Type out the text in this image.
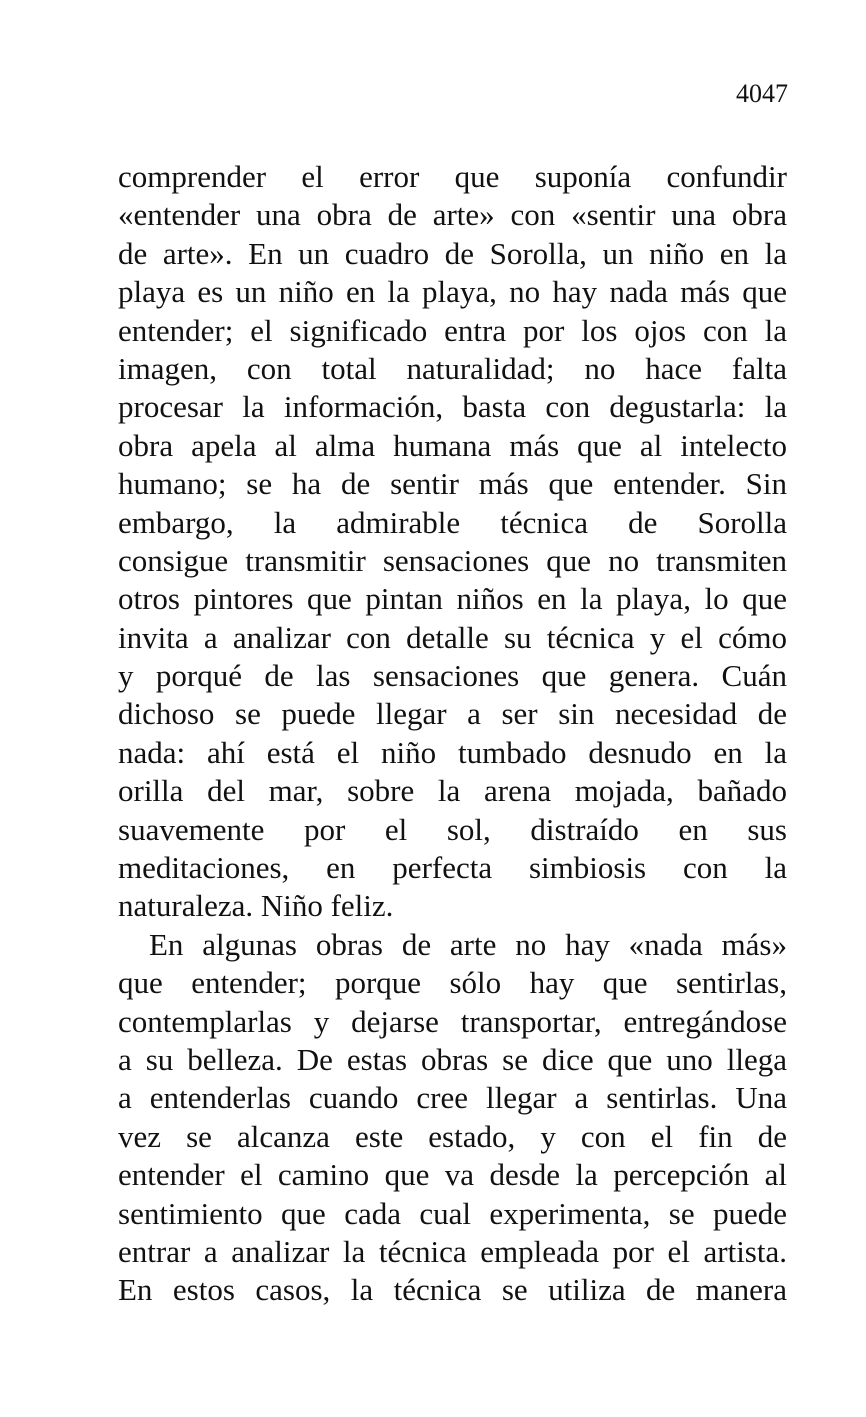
4047
comprender el error que suponía confundir
«entender una obra de arte» con «sentir una obra
de arte». En un cuadro de Sorolla, un niño en la
playa es un niño en la playa, no hay nada más que
entender; el significado entra por los ojos con la
imagen, con total naturalidad; no hace falta
procesar la información, basta con degustarla: la
obra apela al alma humana más que al intelecto
humano; se ha de sentir más que entender. Sin
embargo, la admirable técnica de Sorolla
consigue transmitir sensaciones que no transmiten
otros pintores que pintan niños en la playa, lo que
invita a analizar con detalle su técnica y el cómo
y porqué de las sensaciones que genera. Cuán
dichoso se puede llegar a ser sin necesidad de
nada: ahí está el niño tumbado desnudo en la
orilla del mar, sobre la arena mojada, bañado
suavemente por el sol, distraído en sus
meditaciones, en perfecta simbiosis con la
naturaleza. Niño feliz.
En algunas obras de arte no hay «nada más»
que entender; porque sólo hay que sentirlas,
contemplarlas y dejarse transportar, entregándose
a su belleza. De estas obras se dice que uno llega
a entenderlas cuando cree llegar a sentirlas. Una
vez se alcanza este estado, y con el fin de
entender el camino que va desde la percepción al
sentimiento que cada cual experimenta, se puede
entrar a analizar la técnica empleada por el artista.
En estos casos, la técnica se utiliza de manera
